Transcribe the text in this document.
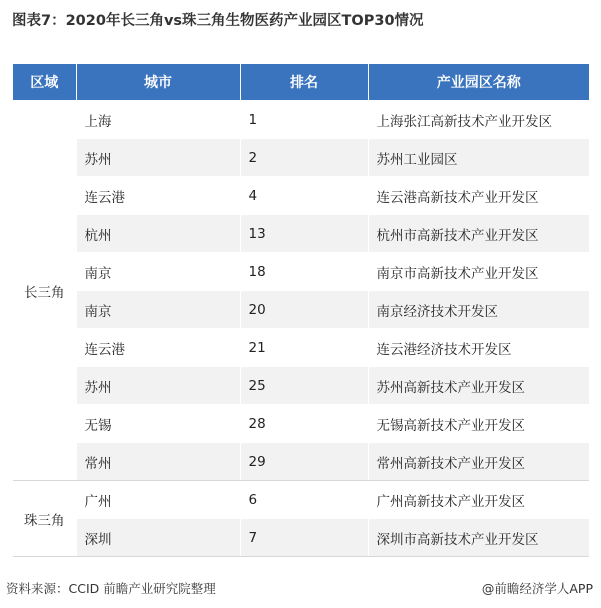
图表7：2020年长三角vs珠三角生物医药产业园区TOP30情况
区域	城市	排名	产业园区名称
长三角	上海	1	上海张江高新技术产业开发区
	苏州	2	苏州工业园区
	连云港	4	连云港高新技术产业开发区
	杭州	13	杭州市高新技术产业开发区
	南京	18	南京市高新技术产业开发区
	南京	20	南京经济技术开发区
	连云港	21	连云港经济技术开发区
	苏州	25	苏州高新技术产业开发区
	无锡	28	无锡高新技术产业开发区
	常州	29	常州高新技术产业开发区
珠三角	广州	6	广州高新技术产业开发区
	深圳	7	深圳市高新技术产业开发区
资料来源：CCID 前瞻产业研究院整理	@前瞻经济学人APP
